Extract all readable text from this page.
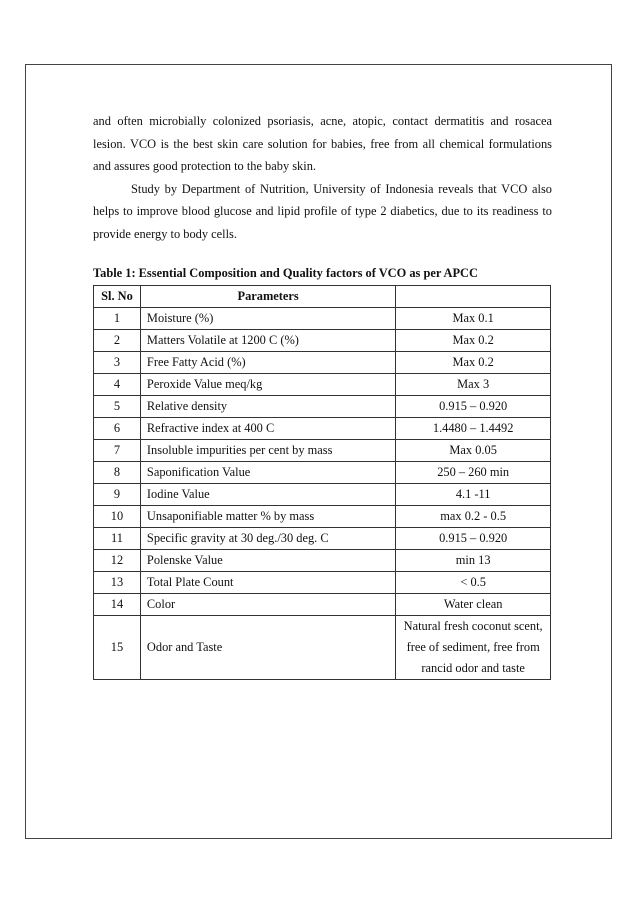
and often microbially colonized psoriasis, acne, atopic, contact dermatitis and rosacea lesion. VCO is the best skin care solution for babies, free from all chemical formulations and assures good protection to the baby skin.

Study by Department of Nutrition, University of Indonesia reveals that VCO also helps to improve blood glucose and lipid profile of type 2 diabetics, due to its readiness to provide energy to body cells.

Table 1: Essential Composition and Quality factors of VCO as per APCC
Sl. No	Parameters	
1	Moisture (%)	Max 0.1
2	Matters Volatile at 1200 C (%)	Max 0.2
3	Free Fatty Acid (%)	Max 0.2
4	Peroxide Value meq/kg	Max 3
5	Relative density	0.915 – 0.920
6	Refractive index at 400 C	1.4480 – 1.4492
7	Insoluble impurities per cent by mass	Max 0.05
8	Saponification Value	250 – 260 min
9	Iodine Value	4.1 -11
10	Unsaponifiable matter % by mass	max 0.2 - 0.5
11	Specific gravity at 30 deg./30 deg. C	0.915 – 0.920
12	Polenske Value	min 13
13	Total Plate Count	< 0.5
14	Color	Water clean
15	Odor and Taste	Natural fresh coconut scent,
free of sediment, free from
rancid odor and taste
